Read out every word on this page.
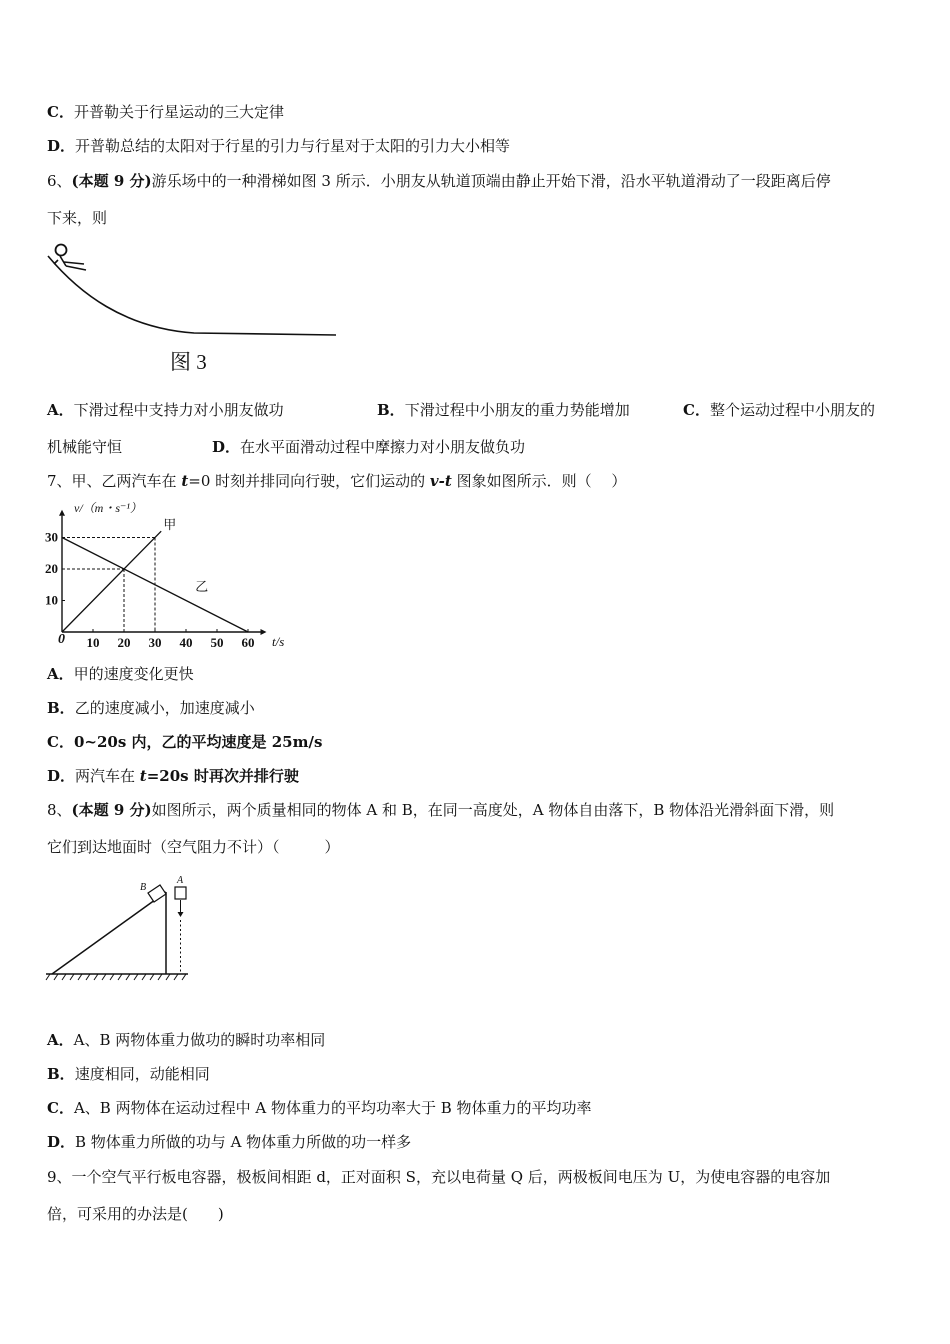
C．开普勒关于行星运动的三大定律
D．开普勒总结的太阳对于行星的引力与行星对于太阳的引力大小相等
6、(本题 9 分)游乐场中的一种滑梯如图 3 所示．小朋友从轨道顶端由静止开始下滑，沿水平轨道滑动了一段距离后停
下来，则
图 3
A．下滑过程中支持力对小朋友做功	B．下滑过程中小朋友的重力势能增加	C．整个运动过程中小朋友的
机械能守恒	D．在水平面滑动过程中摩擦力对小朋友做负功
7、甲、乙两汽车在 t=0 时刻并排同向行驶，它们运动的 v-t 图象如图所示．则（　 ）
v/（m・s⁻¹）
t/s
0 10 20 30 40 50 60
10
20
30
甲
乙
A．甲的速度变化更快
B．乙的速度减小，加速度减小
C．0~20s 内，乙的平均速度是 25m/s
D．两汽车在 t=20s 时再次并排行驶
8、(本题 9 分)如图所示，两个质量相同的物体 A 和 B，在同一高度处，A 物体自由落下，B 物体沿光滑斜面下滑，则
它们到达地面时（空气阻力不计）（　　　）
B
A
A．A、B 两物体重力做功的瞬时功率相同
B．速度相同，动能相同
C．A、B 两物体在运动过程中 A 物体重力的平均功率大于 B 物体重力的平均功率
D．B 物体重力所做的功与 A 物体重力所做的功一样多
9、一个空气平行板电容器，极板间相距 d，正对面积 S，充以电荷量 Q 后，两极板间电压为 U，为使电容器的电容加
倍，可采用的办法是(　　)
